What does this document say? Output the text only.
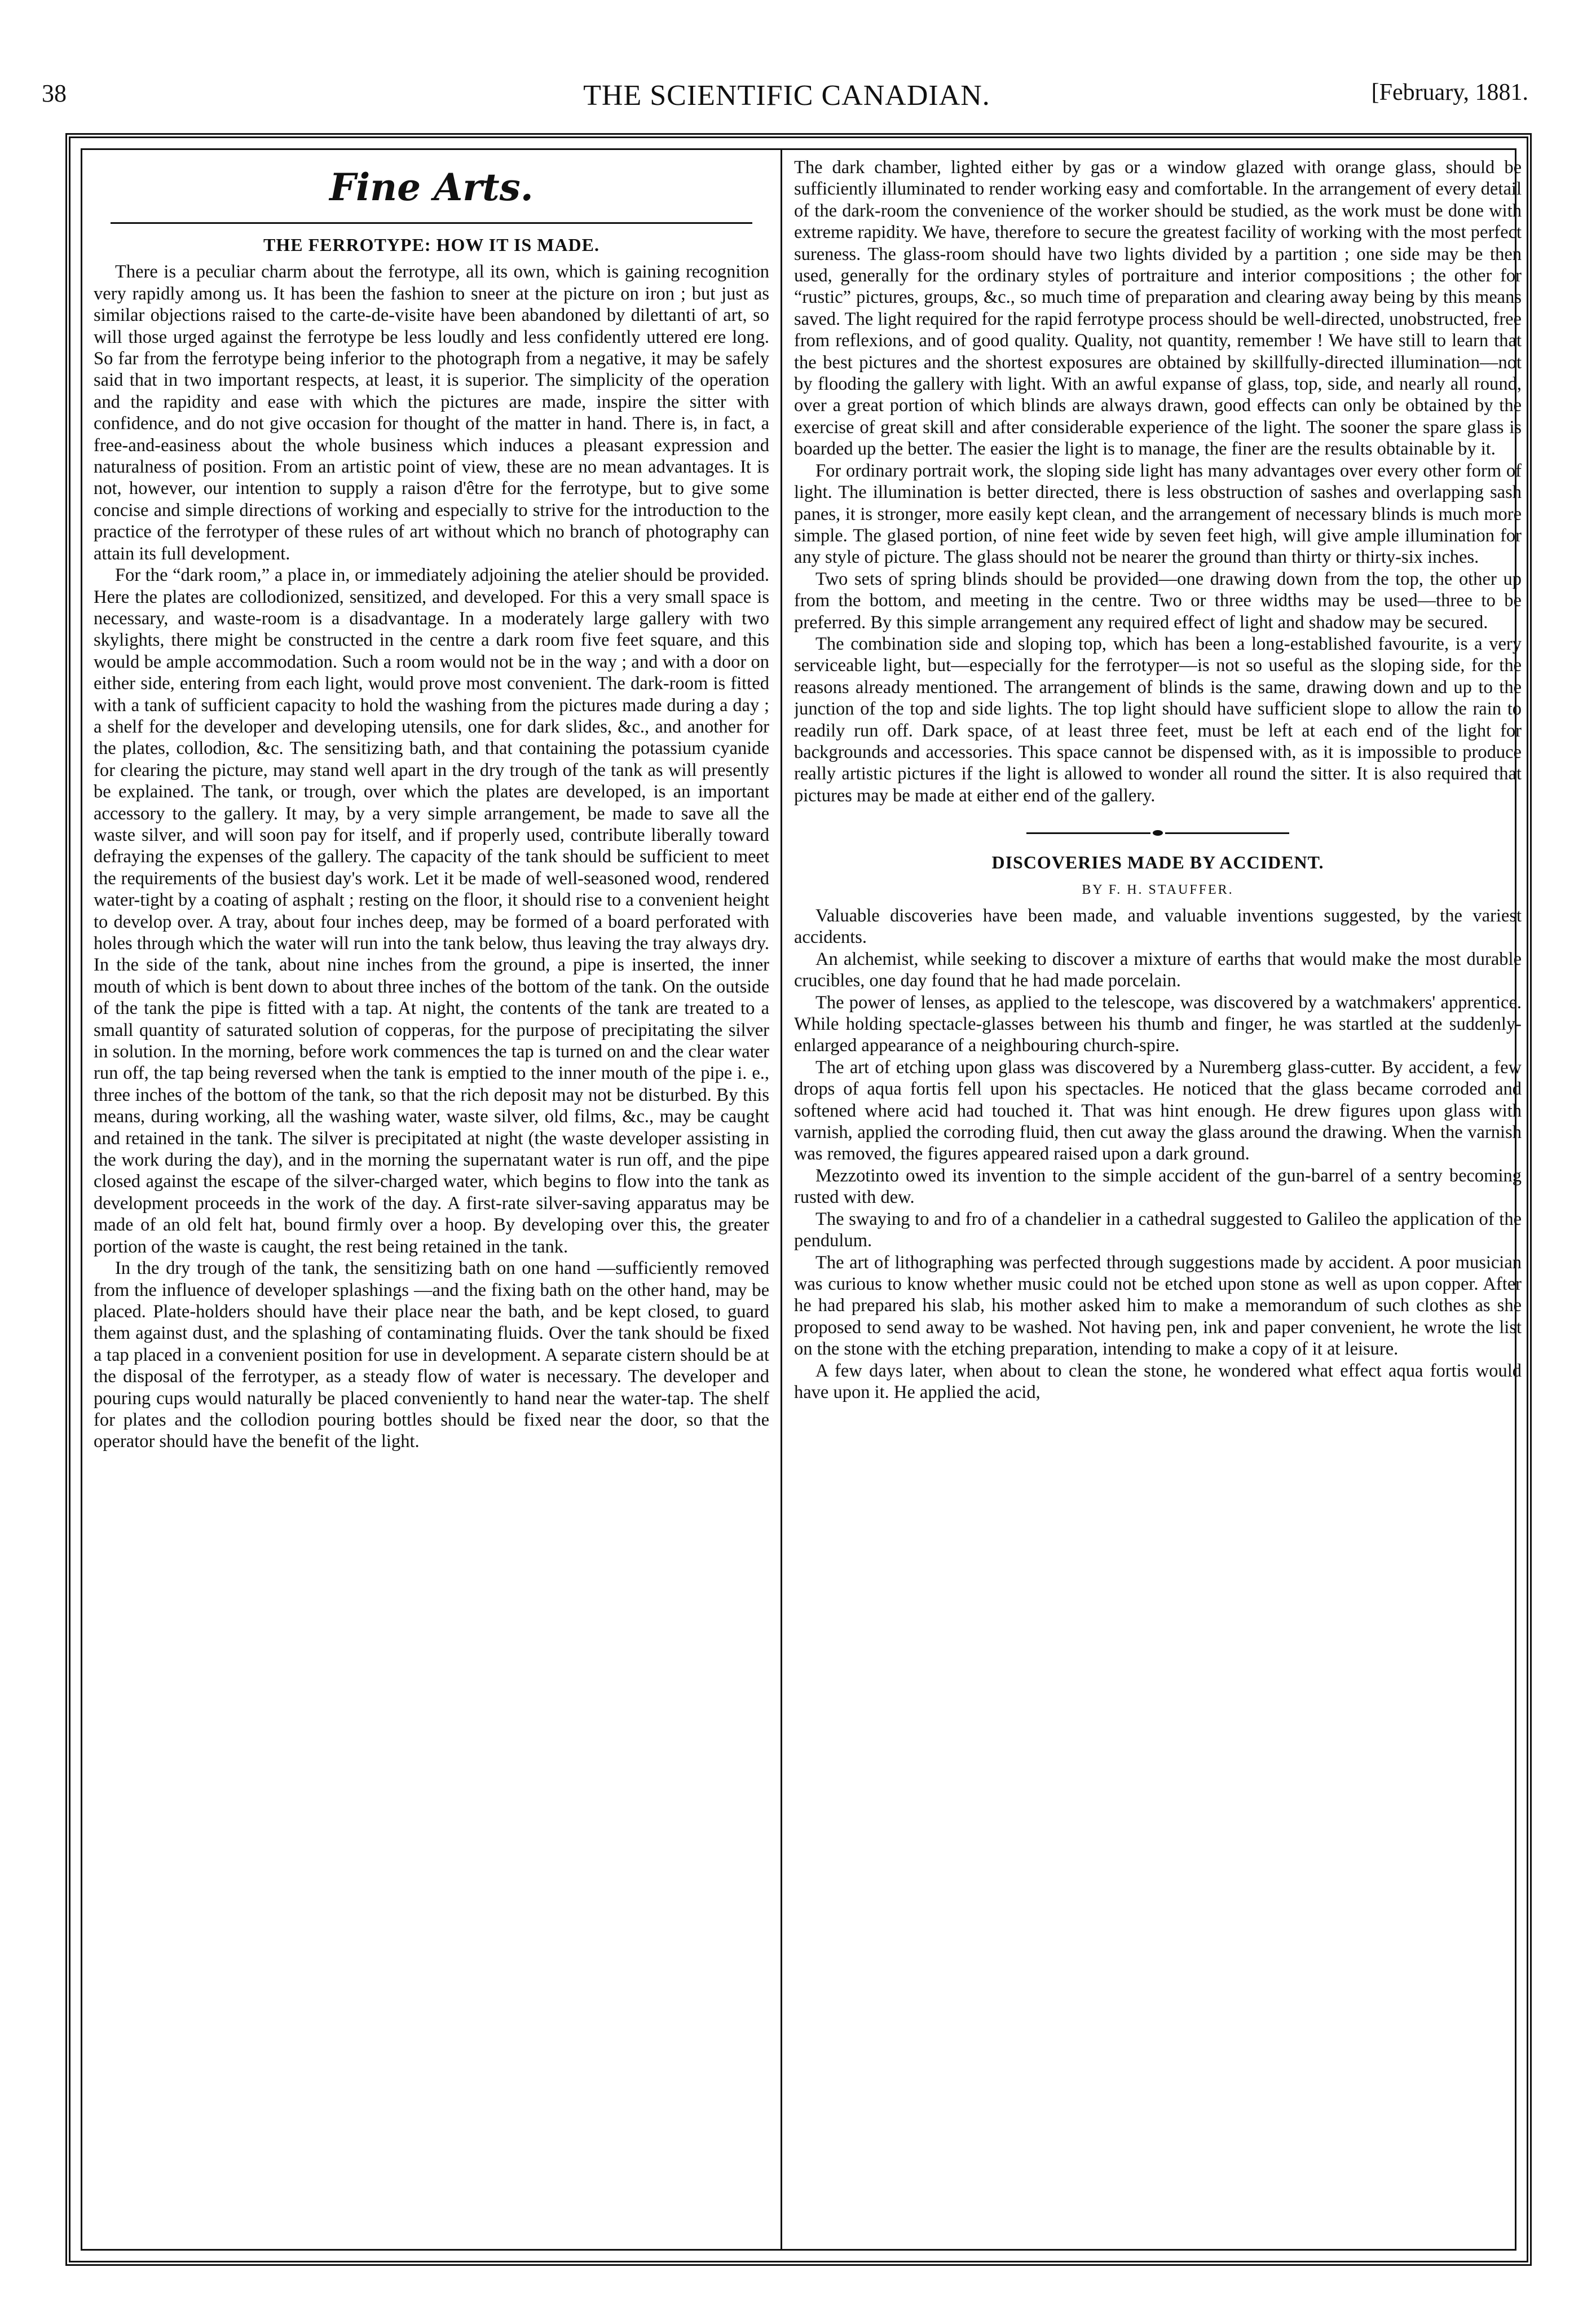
38	THE SCIENTIFIC CANADIAN.	[February, 1881.
Fine Arts.
THE FERROTYPE: HOW IT IS MADE.

There is a peculiar charm about the ferrotype, all its own, which is gaining recognition very rapidly among us. It has been the fashion to sneer at the picture on iron ; but just as similar objections raised to the carte-de-visite have been abandoned by dilettanti of art, so will those urged against the ferrotype be less loudly and less confidently uttered ere long. So far from the ferrotype being inferior to the photograph from a negative, it may be safely said that in two important respects, at least, it is superior. The simplicity of the operation and the rapidity and ease with which the pictures are made, inspire the sitter with confidence, and do not give occasion for thought of the matter in hand. There is, in fact, a free-and-easiness about the whole business which induces a pleasant expression and naturalness of position. From an artistic point of view, these are no mean advantages. It is not, however, our intention to supply a raison d'être for the ferrotype, but to give some concise and simple directions of working and especially to strive for the introduction to the practice of the ferrotyper of these rules of art without which no branch of photography can attain its full development.

For the “dark room,” a place in, or immediately adjoining the atelier should be provided. Here the plates are collodionized, sensitized, and developed. For this a very small space is necessary, and waste-room is a disadvantage. In a moderately large gallery with two skylights, there might be constructed in the centre a dark room five feet square, and this would be ample accommodation. Such a room would not be in the way ; and with a door on either side, entering from each light, would prove most convenient. The dark-room is fitted with a tank of sufficient capacity to hold the washing from the pictures made during a day ; a shelf for the developer and developing utensils, one for dark slides, &c., and another for the plates, collodion, &c. The sensitizing bath, and that containing the potassium cyanide for clearing the picture, may stand well apart in the dry trough of the tank as will presently be explained. The tank, or trough, over which the plates are developed, is an important accessory to the gallery. It may, by a very simple arrangement, be made to save all the waste silver, and will soon pay for itself, and if properly used, contribute liberally toward defraying the expenses of the gallery. The capacity of the tank should be sufficient to meet the requirements of the busiest day's work. Let it be made of well-seasoned wood, rendered water-tight by a coating of asphalt ; resting on the floor, it should rise to a convenient height to develop over. A tray, about four inches deep, may be formed of a board perforated with holes through which the water will run into the tank below, thus leaving the tray always dry. In the side of the tank, about nine inches from the ground, a pipe is inserted, the inner mouth of which is bent down to about three inches of the bottom of the tank. On the outside of the tank the pipe is fitted with a tap. At night, the contents of the tank are treated to a small quantity of saturated solution of copperas, for the purpose of precipitating the silver in solution. In the morning, before work commences the tap is turned on and the clear water run off, the tap being reversed when the tank is emptied to the inner mouth of the pipe i. e., three inches of the bottom of the tank, so that the rich deposit may not be disturbed. By this means, during working, all the washing water, waste silver, old films, &c., may be caught and retained in the tank. The silver is precipitated at night (the waste developer assisting in the work during the day), and in the morning the supernatant water is run off, and the pipe closed against the escape of the silver-charged water, which begins to flow into the tank as development proceeds in the work of the day. A first-rate silver-saving apparatus may be made of an old felt hat, bound firmly over a hoop. By developing over this, the greater portion of the waste is caught, the rest being retained in the tank.

In the dry trough of the tank, the sensitizing bath on one hand —sufficiently removed from the influence of developer splashings —and the fixing bath on the other hand, may be placed. Plate-holders should have their place near the bath, and be kept closed, to guard them against dust, and the splashing of contaminating fluids. Over the tank should be fixed a tap placed in a convenient position for use in development. A separate cistern should be at the disposal of the ferrotyper, as a steady flow of water is necessary. The developer and pouring cups would naturally be placed conveniently to hand near the water-tap. The shelf for plates and the collodion pouring bottles should be fixed near the door, so that the operator should have the benefit of the light.

The dark chamber, lighted either by gas or a window glazed with orange glass, should be sufficiently illuminated to render working easy and comfortable. In the arrangement of every detail of the dark-room the convenience of the worker should be studied, as the work must be done with extreme rapidity. We have, therefore to secure the greatest facility of working with the most perfect sureness. The glass-room should have two lights divided by a partition ; one side may be then used, generally for the ordinary styles of portraiture and interior compositions ; the other for “rustic” pictures, groups, &c., so much time of preparation and clearing away being by this means saved. The light required for the rapid ferrotype process should be well-directed, unobstructed, free from reflexions, and of good quality. Quality, not quantity, remember ! We have still to learn that the best pictures and the shortest exposures are obtained by skillfully-directed illumination—not by flooding the gallery with light. With an awful expanse of glass, top, side, and nearly all round, over a great portion of which blinds are always drawn, good effects can only be obtained by the exercise of great skill and after considerable experience of the light. The sooner the spare glass is boarded up the better. The easier the light is to manage, the finer are the results obtainable by it.

For ordinary portrait work, the sloping side light has many advantages over every other form of light. The illumination is better directed, there is less obstruction of sashes and overlapping sash panes, it is stronger, more easily kept clean, and the arrangement of necessary blinds is much more simple. The glased portion, of nine feet wide by seven feet high, will give ample illumination for any style of picture. The glass should not be nearer the ground than thirty or thirty-six inches.

Two sets of spring blinds should be provided—one drawing down from the top, the other up from the bottom, and meeting in the centre. Two or three widths may be used—three to be preferred. By this simple arrangement any required effect of light and shadow may be secured.

The combination side and sloping top, which has been a long-established favourite, is a very serviceable light, but—especially for the ferrotyper—is not so useful as the sloping side, for the reasons already mentioned. The arrangement of blinds is the same, drawing down and up to the junction of the top and side lights. The top light should have sufficient slope to allow the rain to readily run off. Dark space, of at least three feet, must be left at each end of the light for backgrounds and accessories. This space cannot be dispensed with, as it is impossible to produce really artistic pictures if the light is allowed to wonder all round the sitter. It is also required that pictures may be made at either end of the gallery.

DISCOVERIES MADE BY ACCIDENT.
BY F. H. STAUFFER.

Valuable discoveries have been made, and valuable inventions suggested, by the variest accidents.

An alchemist, while seeking to discover a mixture of earths that would make the most durable crucibles, one day found that he had made porcelain.

The power of lenses, as applied to the telescope, was discovered by a watchmakers' apprentice. While holding spectacle-glasses between his thumb and finger, he was startled at the suddenly-enlarged appearance of a neighbouring church-spire.

The art of etching upon glass was discovered by a Nuremberg glass-cutter. By accident, a few drops of aqua fortis fell upon his spectacles. He noticed that the glass became corroded and softened where acid had touched it. That was hint enough. He drew figures upon glass with varnish, applied the corroding fluid, then cut away the glass around the drawing. When the varnish was removed, the figures appeared raised upon a dark ground.

Mezzotinto owed its invention to the simple accident of the gun-barrel of a sentry becoming rusted with dew.

The swaying to and fro of a chandelier in a cathedral suggested to Galileo the application of the pendulum.

The art of lithographing was perfected through suggestions made by accident. A poor musician was curious to know whether music could not be etched upon stone as well as upon copper. After he had prepared his slab, his mother asked him to make a memorandum of such clothes as she proposed to send away to be washed. Not having pen, ink and paper convenient, he wrote the list on the stone with the etching preparation, intending to make a copy of it at leisure.

A few days later, when about to clean the stone, he wondered what effect aqua fortis would have upon it. He applied the acid,
